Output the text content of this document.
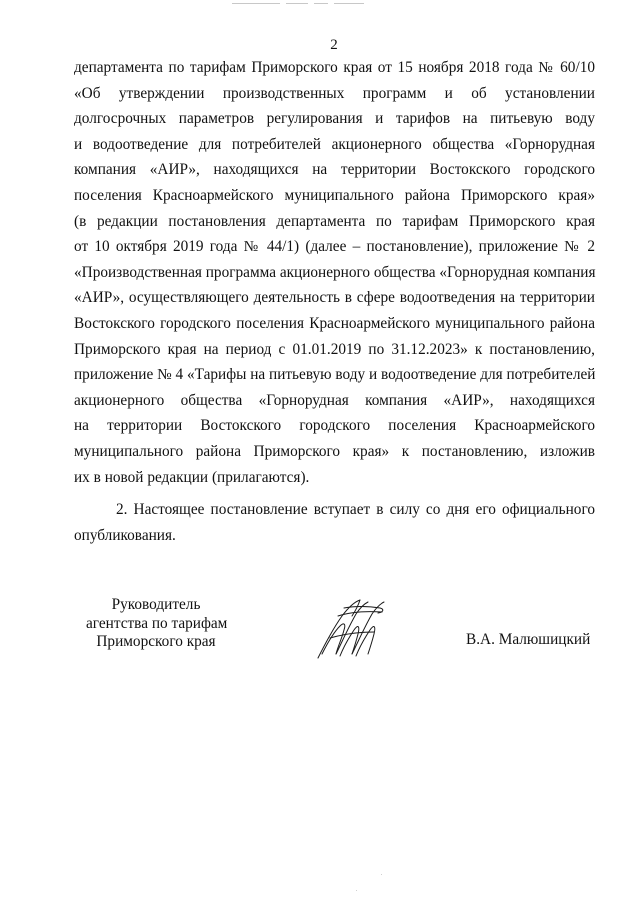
2

департамента по тарифам Приморского края от 15 ноября 2018 года № 60/10
«Об утверждении производственных программ и об установлении
долгосрочных параметров регулирования и тарифов на питьевую воду
и водоотведение для потребителей акционерного общества «Горнорудная
компания «АИР», находящихся на территории Востокского городского
поселения Красноармейского муниципального района Приморского края»
(в редакции постановления департамента по тарифам Приморского края
от 10 октября 2019 года № 44/1) (далее – постановление), приложение № 2
«Производственная программа акционерного общества «Горнорудная компания
«АИР», осуществляющего деятельность в сфере водоотведения на территории
Востокского городского поселения Красноармейского муниципального района
Приморского края на период с 01.01.2019 по 31.12.2023» к постановлению,
приложение № 4 «Тарифы на питьевую воду и водоотведение для потребителей
акционерного общества «Горнорудная компания «АИР», находящихся
на территории Востокского городского поселения Красноармейского
муниципального района Приморского края» к постановлению, изложив
их в новой редакции (прилагаются).

2. Настоящее постановление вступает в силу со дня его официального опубликования.

Руководитель
агентства по тарифам
Приморского края	В.А. Малюшицкий
